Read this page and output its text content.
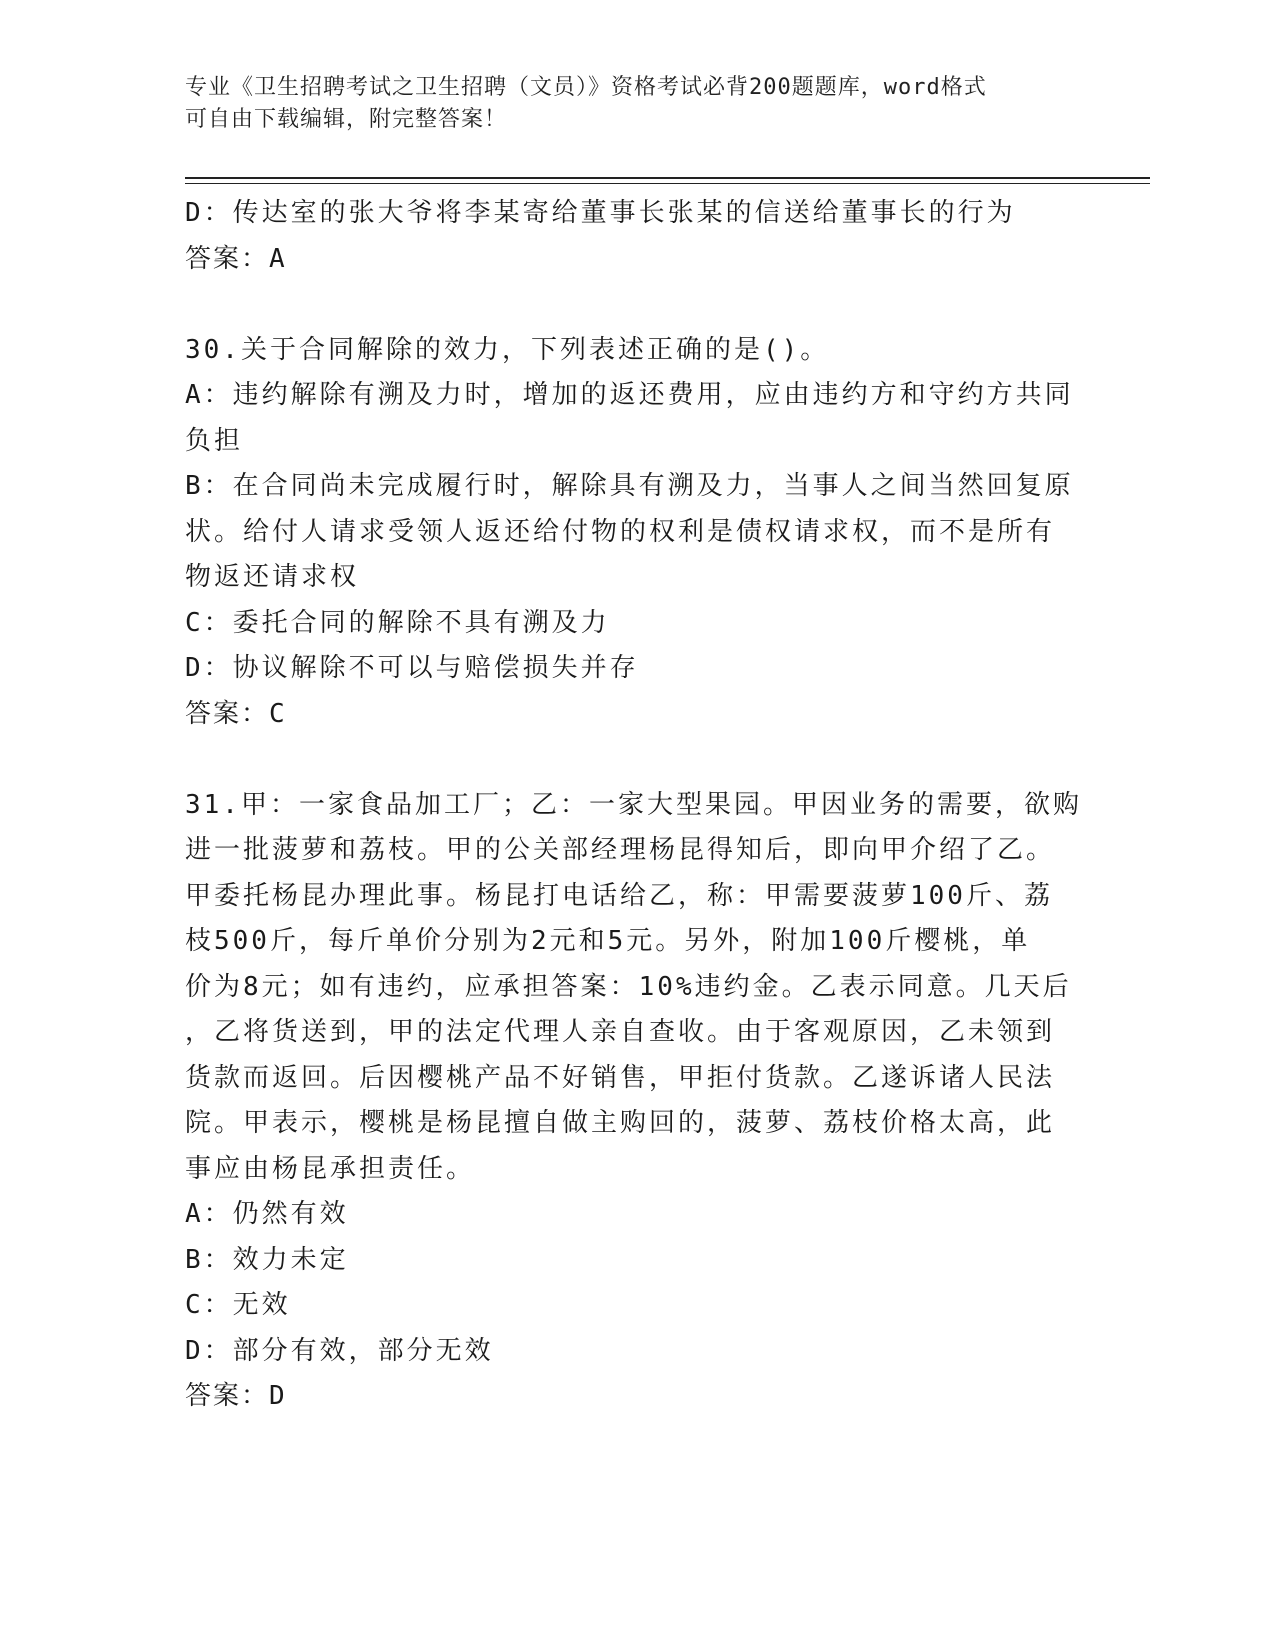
专业《卫生招聘考试之卫生招聘（文员）》资格考试必背200题题库，word格式
可自由下载编辑，附完整答案！
D：传达室的张大爷将李某寄给董事长张某的信送给董事长的行为
答案：A
30.关于合同解除的效力，下列表述正确的是()。
A：违约解除有溯及力时，增加的返还费用，应由违约方和守约方共同
负担
B：在合同尚未完成履行时，解除具有溯及力，当事人之间当然回复原
状。给付人请求受领人返还给付物的权利是债权请求权，而不是所有
物返还请求权
C：委托合同的解除不具有溯及力
D：协议解除不可以与赔偿损失并存
答案：C
31.甲：一家食品加工厂；乙：一家大型果园。甲因业务的需要，欲购
进一批菠萝和荔枝。甲的公关部经理杨昆得知后，即向甲介绍了乙。
甲委托杨昆办理此事。杨昆打电话给乙，称：甲需要菠萝100斤、荔
枝500斤，每斤单价分别为2元和5元。另外，附加100斤樱桃，单
价为8元；如有违约，应承担答案：10%违约金。乙表示同意。几天后
，乙将货送到，甲的法定代理人亲自查收。由于客观原因，乙未领到
货款而返回。后因樱桃产品不好销售，甲拒付货款。乙遂诉诸人民法
院。甲表示，樱桃是杨昆擅自做主购回的，菠萝、荔枝价格太高，此
事应由杨昆承担责任。
A：仍然有效
B：效力未定
C：无效
D：部分有效，部分无效
答案：D
